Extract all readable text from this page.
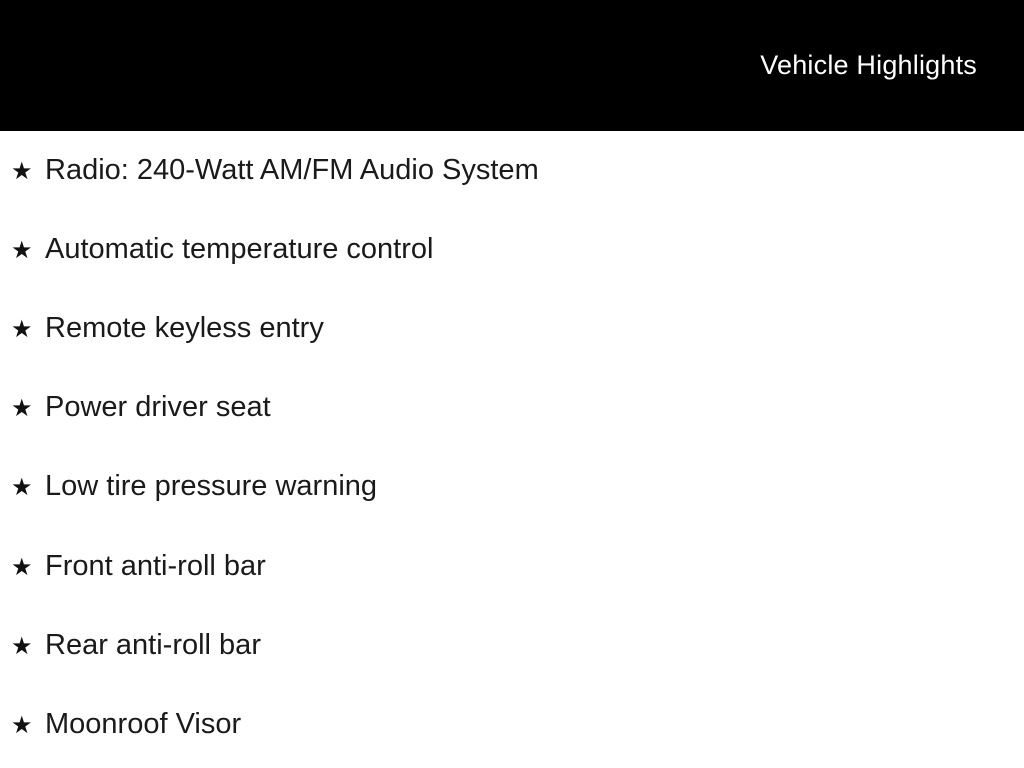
Vehicle Highlights
★ Radio: 240-Watt AM/FM Audio System
★ Automatic temperature control
★ Remote keyless entry
★ Power driver seat
★ Low tire pressure warning
★ Front anti-roll bar
★ Rear anti-roll bar
★ Moonroof Visor
